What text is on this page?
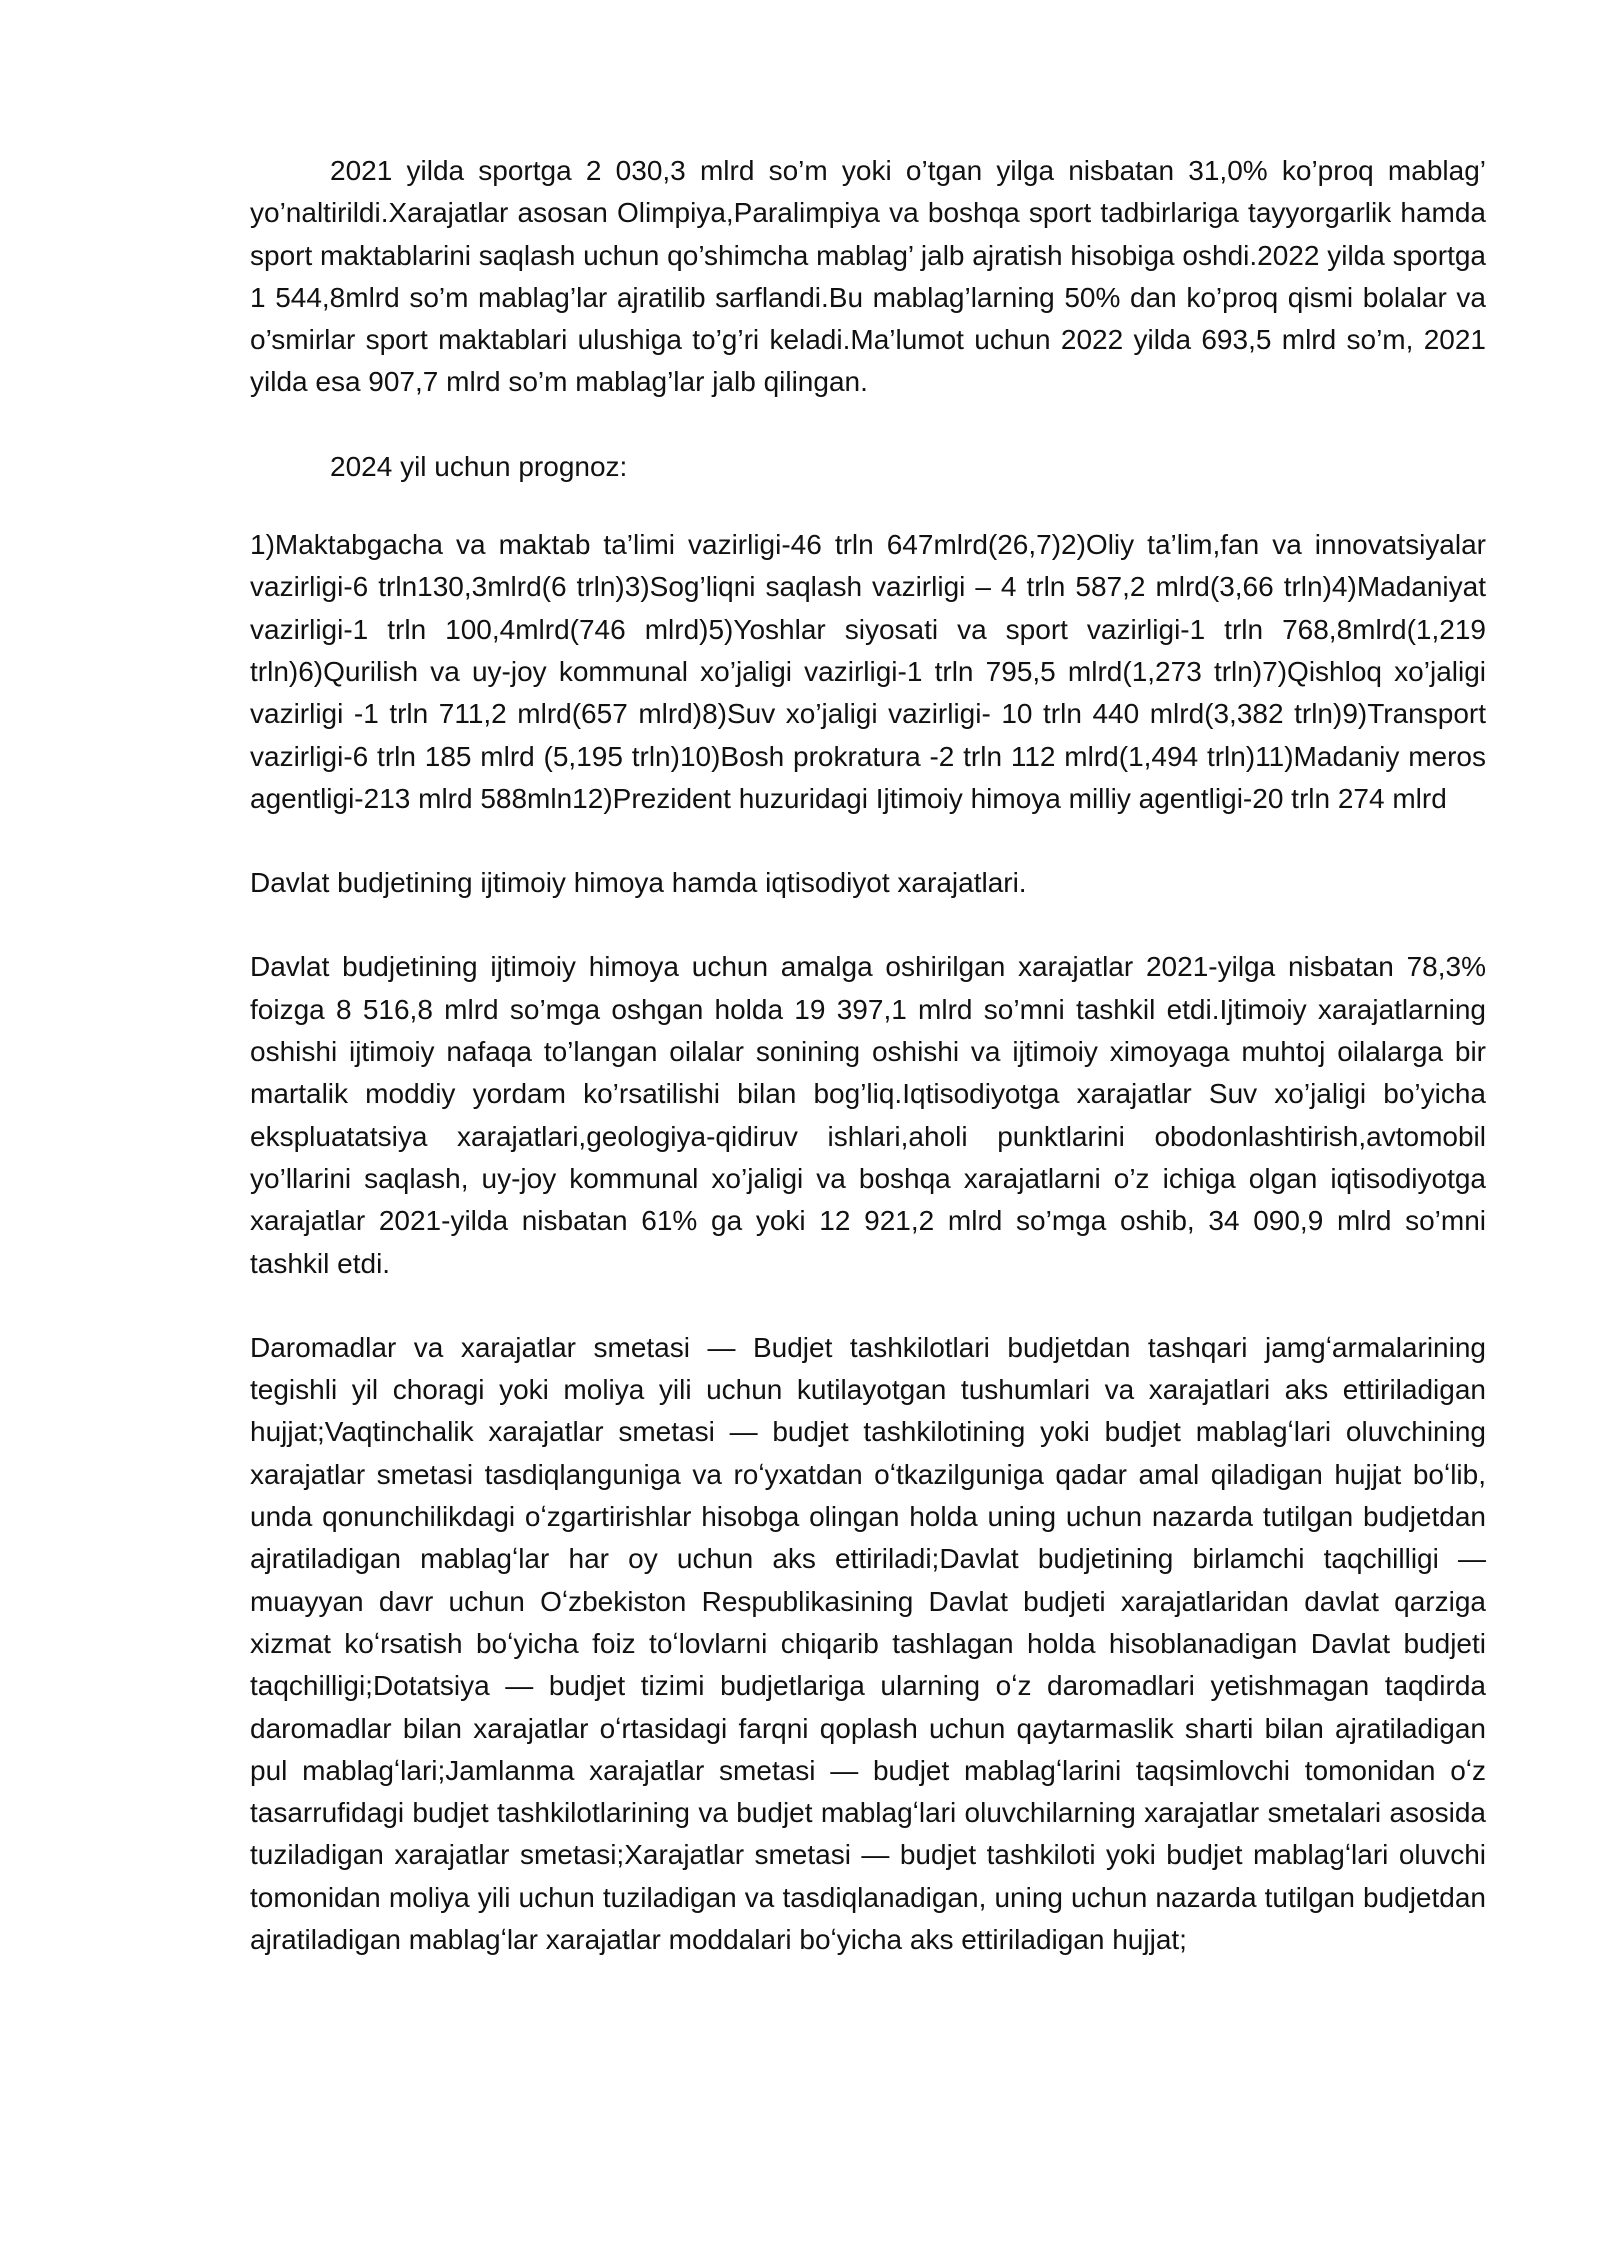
2021 yilda sportga 2 030,3 mlrd so’m yoki o’tgan yilga nisbatan 31,0% ko’proq mablag’ yo’naltirildi.Xarajatlar asosan Olimpiya,Paralimpiya va boshqa sport tadbirlariga tayyorgarlik hamda sport maktablarini saqlash uchun qo’shimcha mablag’ jalb ajratish hisobiga oshdi.2022 yilda sportga 1 544,8mlrd so’m mablag’lar ajratilib sarflandi.Bu mablag’larning 50% dan ko’proq qismi bolalar va o’smirlar sport maktablari ulushiga to’g’ri keladi.Ma’lumot uchun 2022 yilda 693,5 mlrd so’m, 2021 yilda esa 907,7 mlrd so’m mablag’lar jalb qilingan.

2024 yil uchun prognoz:

1)Maktabgacha va maktab ta’limi vazirligi-46 trln 647mlrd(26,7)2)Oliy ta’lim,fan va innovatsiyalar vazirligi-6 trln130,3mlrd(6 trln)3)Sog’liqni saqlash vazirligi – 4 trln 587,2 mlrd(3,66 trln)4)Madaniyat vazirligi-1 trln 100,4mlrd(746 mlrd)5)Yoshlar siyosati va sport vazirligi-1 trln 768,8mlrd(1,219 trln)6)Qurilish va uy-joy kommunal xo’jaligi vazirligi-1 trln 795,5 mlrd(1,273 trln)7)Qishloq xo’jaligi vazirligi -1 trln 711,2 mlrd(657 mlrd)8)Suv xo’jaligi vazirligi- 10 trln 440 mlrd(3,382 trln)9)Transport vazirligi-6 trln 185 mlrd (5,195 trln)10)Bosh prokratura -2 trln 112 mlrd(1,494 trln)11)Madaniy meros agentligi-213 mlrd 588mln12)Prezident huzuridagi Ijtimoiy himoya milliy agentligi-20 trln 274 mlrd

Davlat budjetining ijtimoiy himoya hamda iqtisodiyot xarajatlari.

Davlat budjetining ijtimoiy himoya uchun amalga oshirilgan xarajatlar 2021-yilga nisbatan 78,3% foizga 8 516,8 mlrd so’mga oshgan holda 19 397,1 mlrd so’mni tashkil etdi.Ijtimoiy xarajatlarning oshishi ijtimoiy nafaqa to’langan oilalar sonining oshishi va ijtimoiy ximoyaga muhtoj oilalarga bir martalik moddiy yordam ko’rsatilishi bilan bog’liq.Iqtisodiyotga xarajatlar Suv xo’jaligi bo’yicha ekspluatatsiya xarajatlari,geologiya-qidiruv ishlari,aholi punktlarini obodonlashtirish,avtomobil yo’llarini saqlash, uy-joy kommunal xo’jaligi va boshqa xarajatlarni o’z ichiga olgan iqtisodiyotga xarajatlar 2021-yilda nisbatan 61% ga yoki 12 921,2 mlrd so’mga oshib, 34 090,9 mlrd so’mni tashkil etdi.

Daromadlar va xarajatlar smetasi — Budjet tashkilotlari budjetdan tashqari jamgʻarmalarining tegishli yil choragi yoki moliya yili uchun kutilayotgan tushumlari va xarajatlari aks ettiriladigan hujjat;Vaqtinchalik xarajatlar smetasi — budjet tashkilotining yoki budjet mablagʻlari oluvchining xarajatlar smetasi tasdiqlanguniga va roʻyxatdan oʻtkazilguniga qadar amal qiladigan hujjat boʻlib, unda qonunchilikdagi oʻzgartirishlar hisobga olingan holda uning uchun nazarda tutilgan budjetdan ajratiladigan mablagʻlar har oy uchun aks ettiriladi;Davlat budjetining birlamchi taqchilligi — muayyan davr uchun Oʻzbekiston Respublikasining Davlat budjeti xarajatlaridan davlat qarziga xizmat koʻrsatish boʻyicha foiz toʻlovlarni chiqarib tashlagan holda hisoblanadigan Davlat budjeti taqchilligi;Dotatsiya — budjet tizimi budjetlariga ularning oʻz daromadlari yetishmagan taqdirda daromadlar bilan xarajatlar oʻrtasidagi farqni qoplash uchun qaytarmaslik sharti bilan ajratiladigan pul mablagʻlari;Jamlanma xarajatlar smetasi — budjet mablagʻlarini taqsimlovchi tomonidan oʻz tasarrufidagi budjet tashkilotlarining va budjet mablagʻlari oluvchilarning xarajatlar smetalari asosida tuziladigan xarajatlar smetasi;Xarajatlar smetasi — budjet tashkiloti yoki budjet mablagʻlari oluvchi tomonidan moliya yili uchun tuziladigan va tasdiqlanadigan, uning uchun nazarda tutilgan budjetdan ajratiladigan mablagʻlar xarajatlar moddalari boʻyicha aks ettiriladigan hujjat;
